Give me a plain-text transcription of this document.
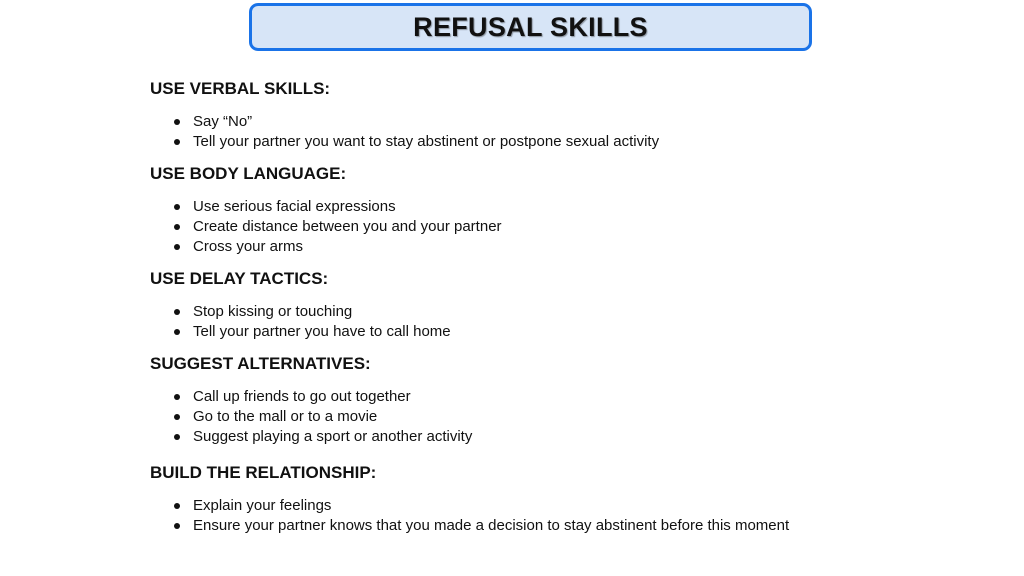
REFUSAL SKILLS
USE VERBAL SKILLS:
Say “No”
Tell your partner you want to stay abstinent or postpone sexual activity
USE BODY LANGUAGE:
Use serious facial expressions
Create distance between you and your partner
Cross your arms
USE DELAY TACTICS:
Stop kissing or touching
Tell your partner you have to call home
SUGGEST ALTERNATIVES:
Call up friends to go out together
Go to the mall or to a movie
Suggest playing a sport or another activity
BUILD THE RELATIONSHIP:
Explain your feelings
Ensure your partner knows that you made a decision to stay abstinent before this moment
